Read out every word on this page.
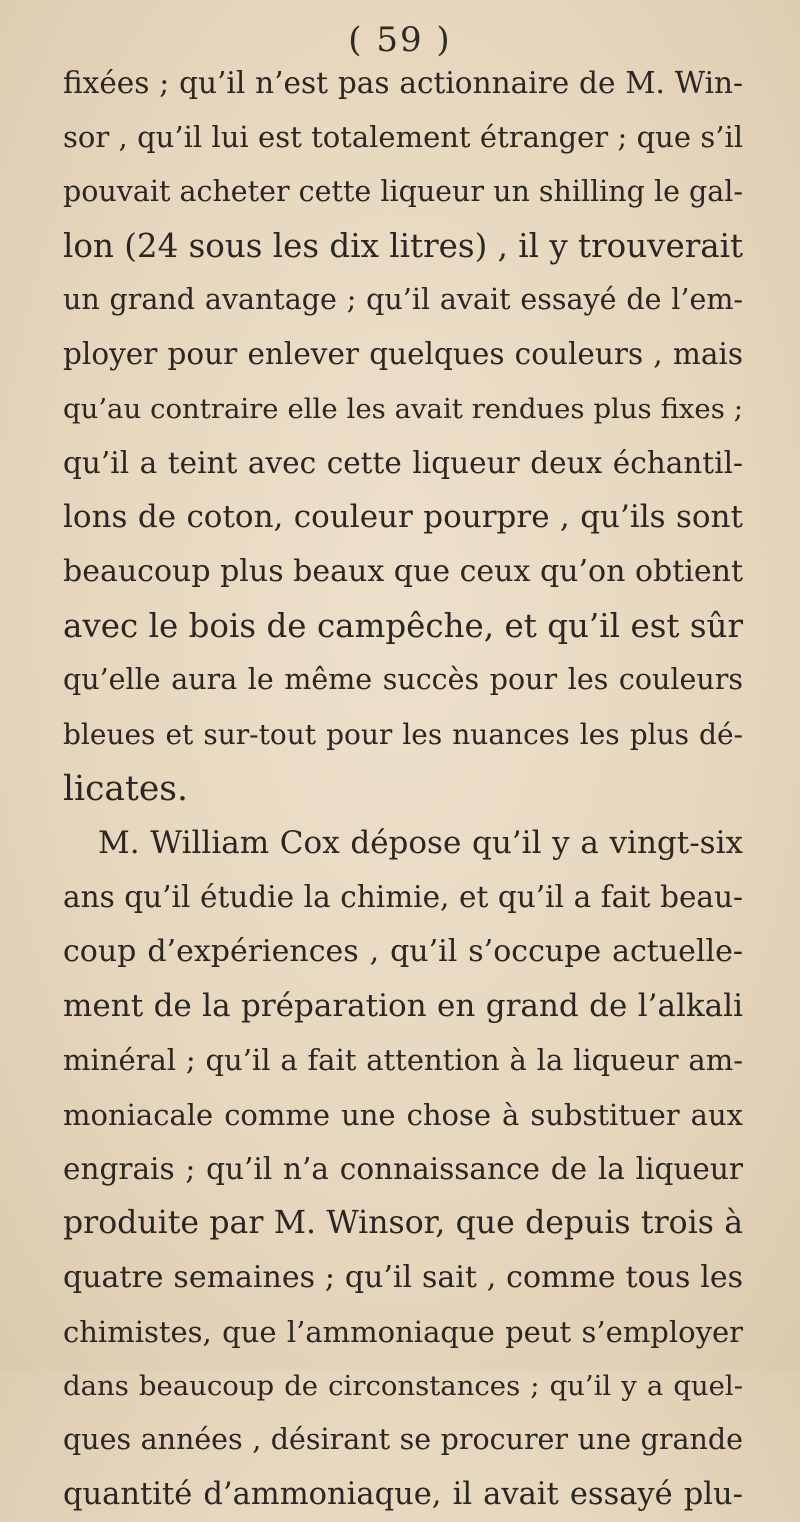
( 59 )
fixées ; qu’il n’est pas actionnaire de M. Win-
sor , qu’il lui est totalement étranger ; que s’il
pouvait acheter cette liqueur un shilling le gal-
lon (24 sous les dix litres) , il y trouverait
un grand avantage ; qu’il avait essayé de l’em-
ployer pour enlever quelques couleurs , mais
qu’au contraire elle les avait rendues plus fixes ;
qu’il a teint avec cette liqueur deux échantil-
lons de coton, couleur pourpre , qu’ils sont
beaucoup plus beaux que ceux qu’on obtient
avec le bois de campêche, et qu’il est sûr
qu’elle aura le même succès pour les couleurs
bleues et sur-tout pour les nuances les plus dé-
licates.
M. William Cox dépose qu’il y a vingt-six
ans qu’il étudie la chimie, et qu’il a fait beau-
coup d’expériences , qu’il s’occupe actuelle-
ment de la préparation en grand de l’alkali
minéral ; qu’il a fait attention à la liqueur am-
moniacale comme une chose à substituer aux
engrais ; qu’il n’a connaissance de la liqueur
produite par M. Winsor, que depuis trois à
quatre semaines ; qu’il sait , comme tous les
chimistes, que l’ammoniaque peut s’employer
dans beaucoup de circonstances ; qu’il y a quel-
ques années , désirant se procurer une grande
quantité d’ammoniaque, il avait essayé plu-
